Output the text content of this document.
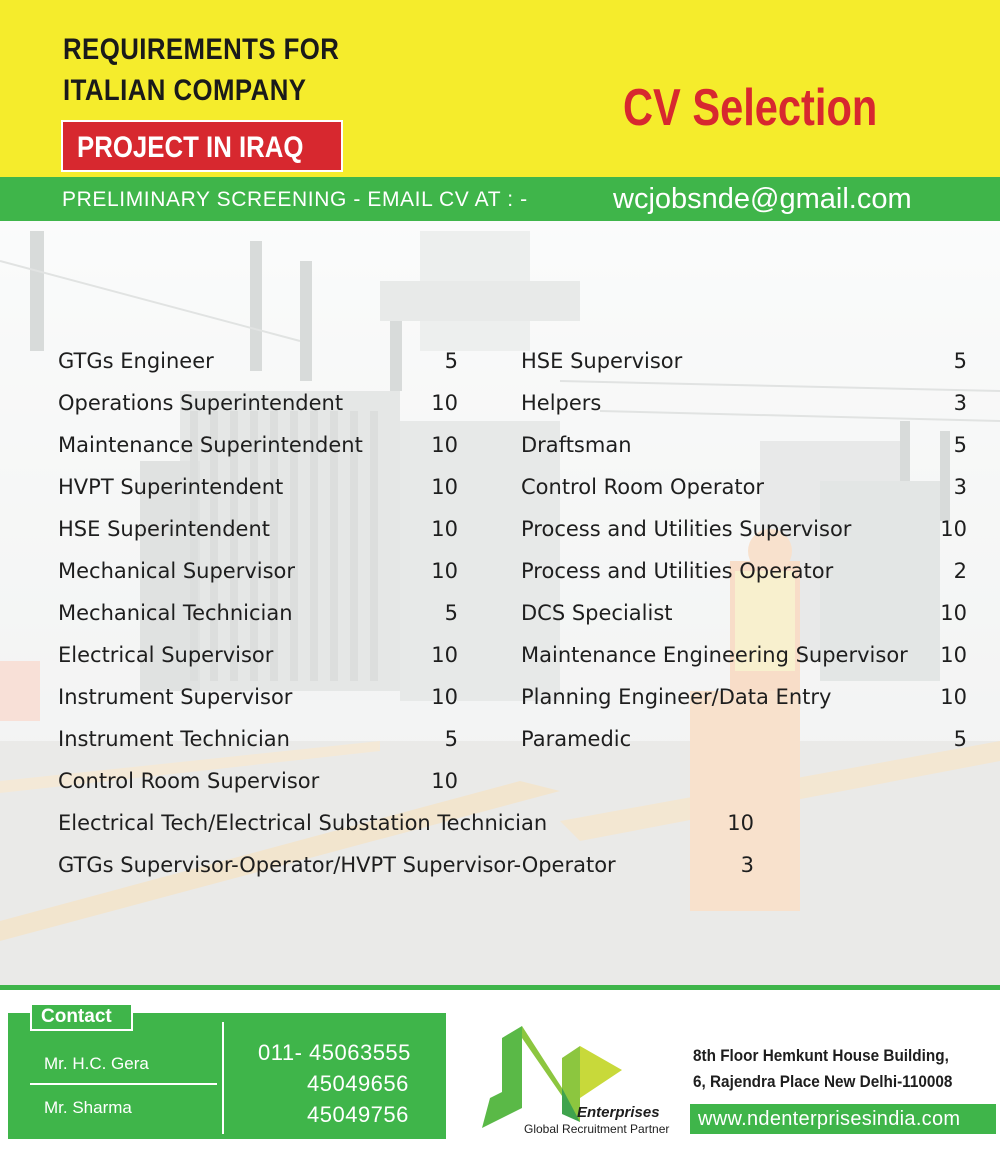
REQUIREMENTS FOR
ITALIAN COMPANY
PROJECT IN IRAQ
CV Selection
PRELIMINARY SCREENING - EMAIL CV AT : -	wcjobsnde@gmail.com
GTGs Engineer	5
Operations Superintendent	10
Maintenance Superintendent	10
HVPT Superintendent	10
HSE Superintendent	10
Mechanical Supervisor	10
Mechanical Technician	5
Electrical Supervisor	10
Instrument Supervisor	10
Instrument Technician	5
Control Room Supervisor	10
HSE Supervisor	5
Helpers	3
Draftsman	5
Control Room Operator	3
Process and Utilities Supervisor	10
Process and Utilities Operator	2
DCS Specialist	10
Maintenance Engineering Supervisor 10
Planning Engineer/Data Entry	10
Paramedic	5
Electrical Tech/Electrical Substation Technician	10
GTGs Supervisor-Operator/HVPT Supervisor-Operator	3
Contact
Mr. H.C. Gera
Mr. Sharma
011- 45063555
45049656
45049756	Enterprises
Global Recruitment Partner
8th Floor Hemkunt House Building,
6, Rajendra Place New Delhi-110008
www.ndenterprisesindia.com
